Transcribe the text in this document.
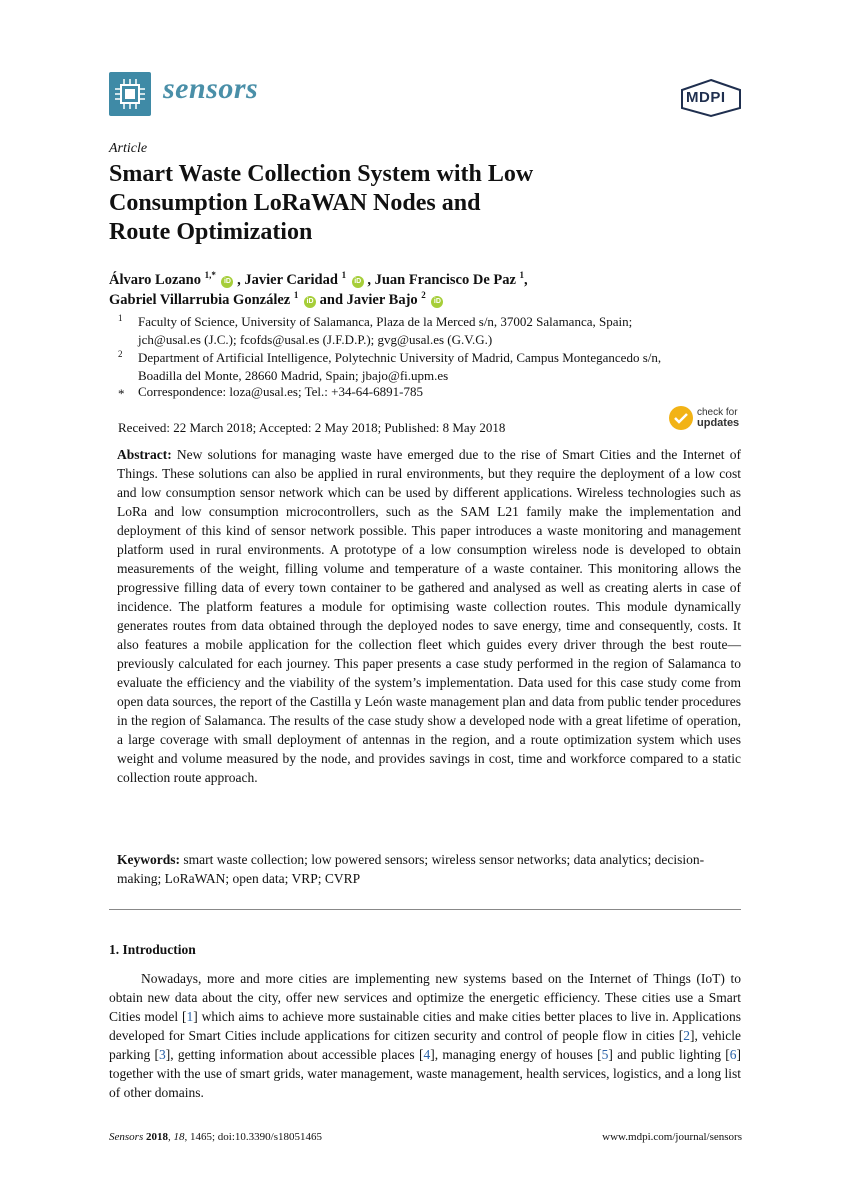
sensors	MDPI
Article
Smart Waste Collection System with Low
Consumption LoRaWAN Nodes and
Route Optimization
Álvaro Lozano $^{1,*}$ iD , Javier Caridad $^1$ iD , Juan Francisco De Paz $^1$,
Gabriel Villarrubia González $^1$ iD and Javier Bajo $^2$ iD
1 Faculty of Science, University of Salamanca, Plaza de la Merced s/n, 37002 Salamanca, Spain;
jch@usal.es (J.C.); fcofds@usal.es (J.F.D.P.); gvg@usal.es (G.V.G.)
2 Department of Artificial Intelligence, Polytechnic University of Madrid, Campus Montegancedo s/n,
Boadilla del Monte, 28660 Madrid, Spain; jbajo@fi.upm.es
* Correspondence: loza@usal.es; Tel.: +34-64-6891-785
Received: 22 March 2018; Accepted: 2 May 2018; Published: 8 May 2018
check for
updates
Abstract: New solutions for managing waste have emerged due to the rise of Smart Cities and the Internet of Things. These solutions can also be applied in rural environments, but they require the deployment of a low cost and low consumption sensor network which can be used by different applications. Wireless technologies such as LoRa and low consumption microcontrollers, such as the SAM L21 family make the implementation and deployment of this kind of sensor network possible. This paper introduces a waste monitoring and management platform used in rural environments. A prototype of a low consumption wireless node is developed to obtain measurements of the weight, filling volume and temperature of a waste container. This monitoring allows the progressive filling data of every town container to be gathered and analysed as well as creating alerts in case of incidence. The platform features a module for optimising waste collection routes. This module dynamically generates routes from data obtained through the deployed nodes to save energy, time and consequently, costs. It also features a mobile application for the collection fleet which guides every driver through the best route—previously calculated for each journey. This paper presents a case study performed in the region of Salamanca to evaluate the efficiency and the viability of the system’s implementation. Data used for this case study come from open data sources, the report of the Castilla y León waste management plan and data from public tender procedures in the region of Salamanca. The results of the case study show a developed node with a great lifetime of operation, a large coverage with small deployment of antennas in the region, and a route optimization system which uses weight and volume measured by the node, and provides savings in cost, time and workforce compared to a static collection route approach.
Keywords: smart waste collection; low powered sensors; wireless sensor networks; data analytics; decision-making; LoRaWAN; open data; VRP; CVRP
1. Introduction
Nowadays, more and more cities are implementing new systems based on the Internet of Things (IoT) to obtain new data about the city, offer new services and optimize the energetic efficiency. These cities use a Smart Cities model [1] which aims to achieve more sustainable cities and make cities better places to live in. Applications developed for Smart Cities include applications for citizen security and control of people flow in cities [2], vehicle parking [3], getting information about accessible places [4], managing energy of houses [5] and public lighting [6] together with the use of smart grids, water management, waste management, health services, logistics, and a long list of other domains.
Sensors 2018, 18, 1465; doi:10.3390/s18051465	www.mdpi.com/journal/sensors
